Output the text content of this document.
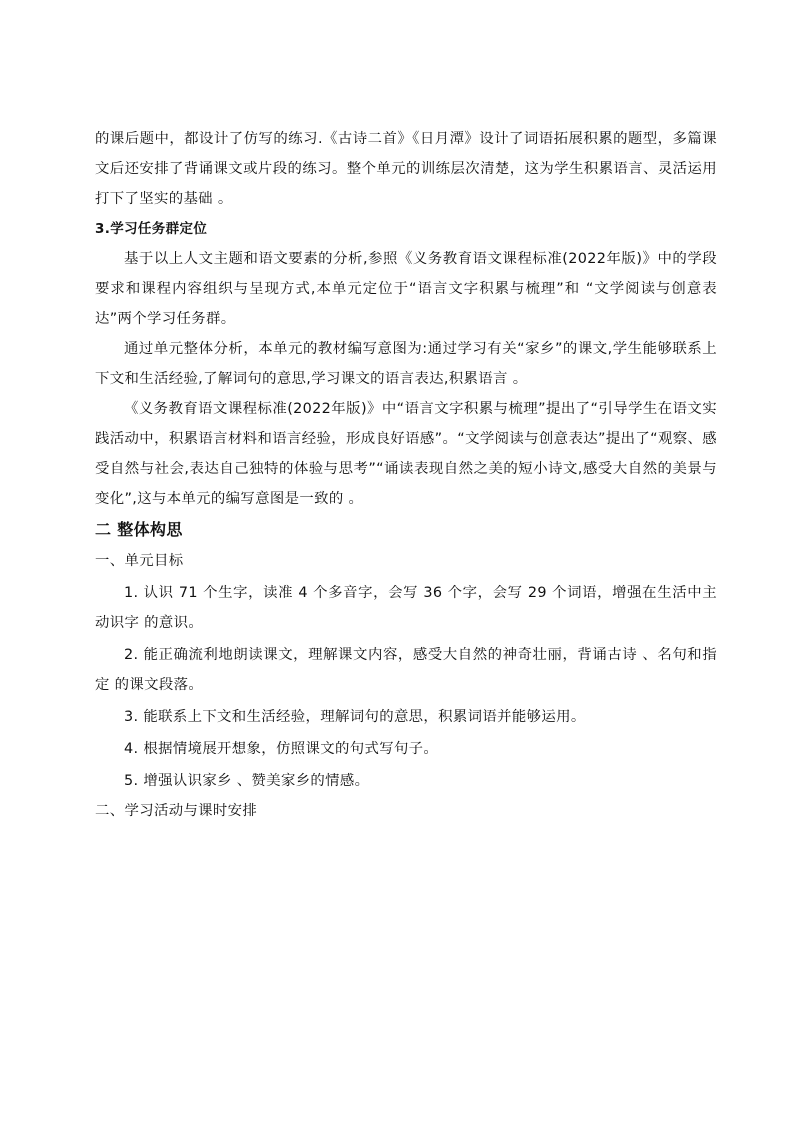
的课后题中，都设计了仿写的练习.《古诗二首》《日月潭》设计了词语拓展积累的题型，多篇课文后还安排了背诵课文或片段的练习。整个单元的训练层次清楚，这为学生积累语言、灵活运用打下了坚实的基础 。

3.学习任务群定位

基于以上人文主题和语文要素的分析,参照《义务教育语文课程标准(2022年版)》中的学段要求和课程内容组织与呈现方式,本单元定位于“语言文字积累与梳理”和 “文学阅读与创意表达”两个学习任务群。

通过单元整体分析，本单元的教材编写意图为:通过学习有关“家乡”的课文,学生能够联系上下文和生活经验,了解词句的意思,学习课文的语言表达,积累语言 。

《义务教育语文课程标准(2022年版)》中“语言文字积累与梳理”提出了“引导学生在语文实践活动中，积累语言材料和语言经验，形成良好语感”。“文学阅读与创意表达”提出了“观察、感受自然与社会,表达自己独特的体验与思考”“诵读表现自然之美的短小诗文,感受大自然的美景与变化”,这与本单元的编写意图是一致的 。

二 整体构思

一、单元目标

1. 认识 71 个生字，读准 4 个多音字，会写 36 个字，会写 29 个词语，增强在生活中主动识字 的意识。

2. 能正确流利地朗读课文，理解课文内容，感受大自然的神奇壮丽，背诵古诗 、名句和指定 的课文段落。

3. 能联系上下文和生活经验，理解词句的意思，积累词语并能够运用。

4. 根据情境展开想象，仿照课文的句式写句子。

5. 增强认识家乡 、赞美家乡的情感。

二、学习活动与课时安排
